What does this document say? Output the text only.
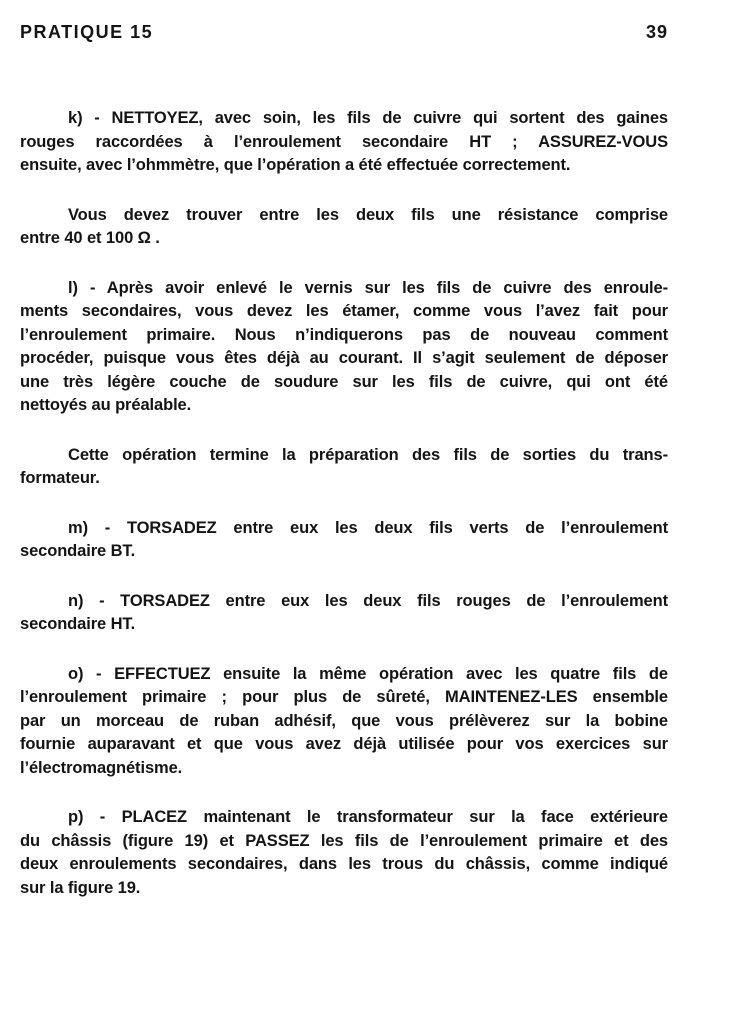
PRATIQUE 15	39
k) - NETTOYEZ, avec soin, les fils de cuivre qui sortent des gaines
rouges raccordées à l’enroulement secondaire HT ; ASSUREZ-VOUS
ensuite, avec l’ohmmètre, que l’opération a été effectuée correctement.
Vous devez trouver entre les deux fils une résistance comprise
entre 40 et 100 Ω .
l) - Après avoir enlevé le vernis sur les fils de cuivre des enroule-
ments secondaires, vous devez les étamer, comme vous l’avez fait pour
l’enroulement primaire. Nous n’indiquerons pas de nouveau comment
procéder, puisque vous êtes déjà au courant. Il s’agit seulement de déposer
une très légère couche de soudure sur les fils de cuivre, qui ont été
nettoyés au préalable.
Cette opération termine la préparation des fils de sorties du trans-
formateur.
m) - TORSADEZ entre eux les deux fils verts de l’enroulement
secondaire BT.
n) - TORSADEZ entre eux les deux fils rouges de l’enroulement
secondaire HT.
o) - EFFECTUEZ ensuite la même opération avec les quatre fils de
l’enroulement primaire ; pour plus de sûreté, MAINTENEZ-LES ensemble
par un morceau de ruban adhésif, que vous prélèverez sur la bobine
fournie auparavant et que vous avez déjà utilisée pour vos exercices sur
l’électromagnétisme.
p) - PLACEZ maintenant le transformateur sur la face extérieure
du châssis (figure 19) et PASSEZ les fils de l’enroulement primaire et des
deux enroulements secondaires, dans les trous du châssis, comme indiqué
sur la figure 19.
